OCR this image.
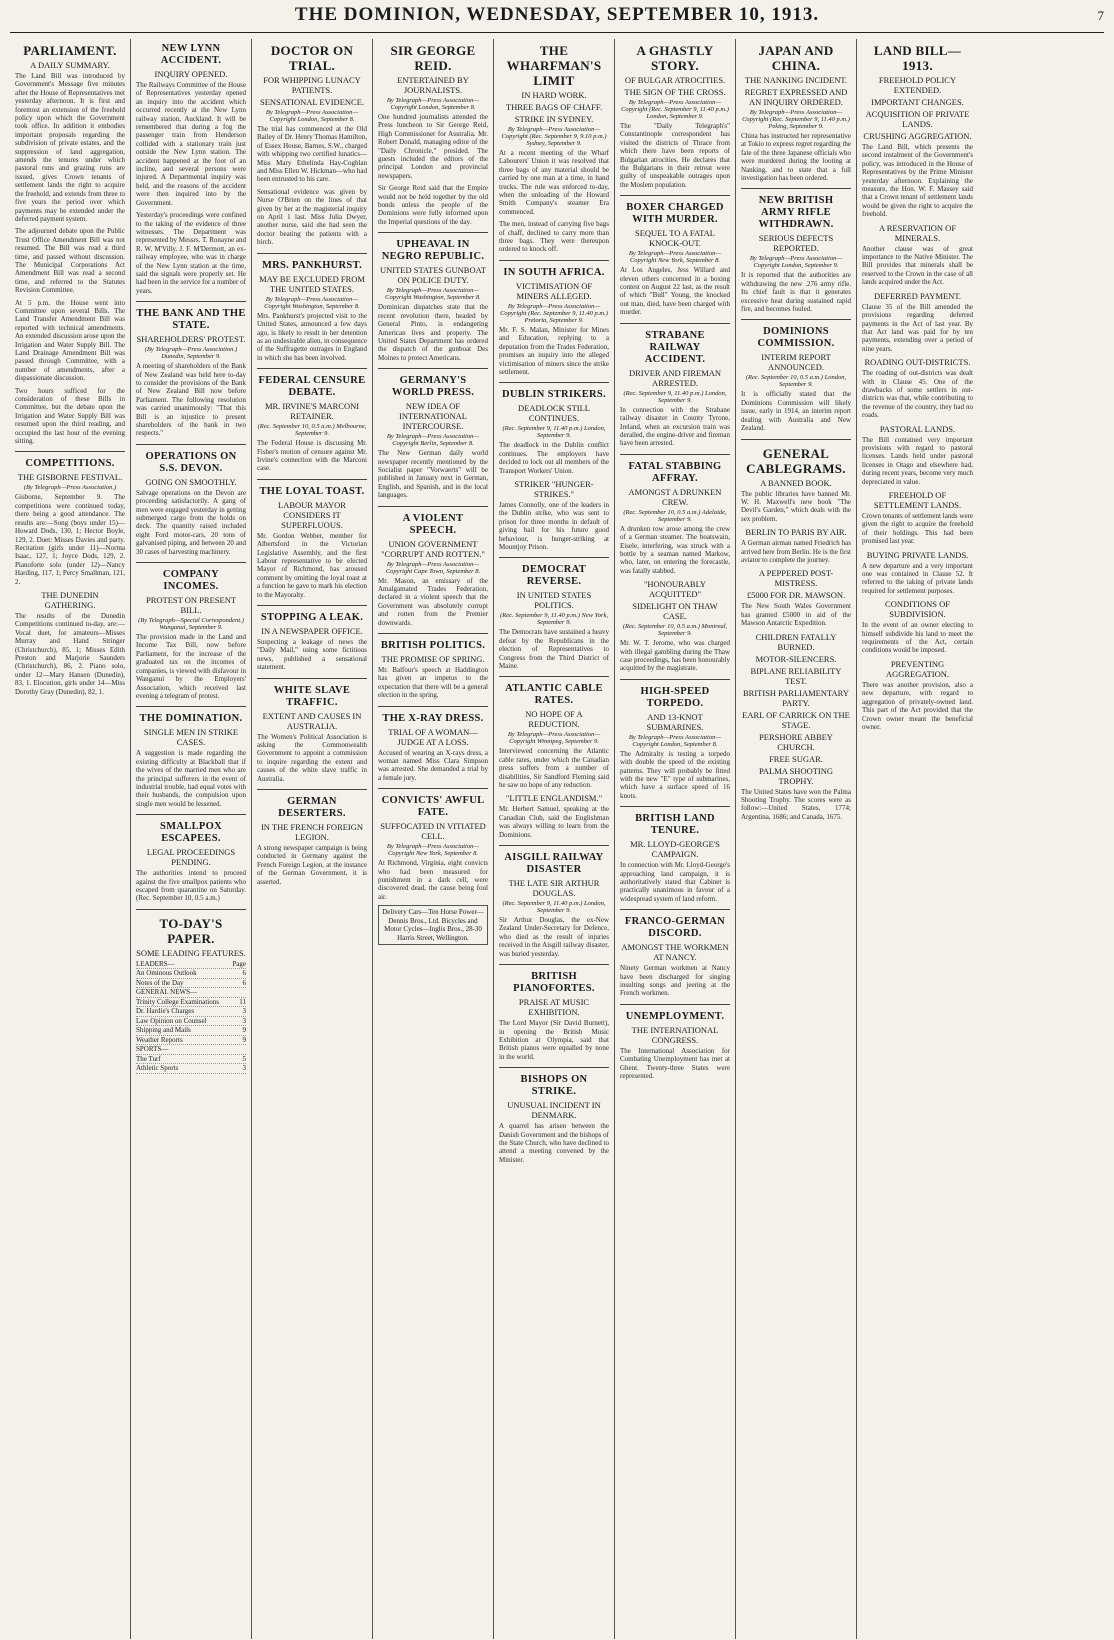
THE DOMINION, WEDNESDAY, SEPTEMBER 10, 1913.	7
PARLIAMENT.
A DAILY SUMMARY.

The Land Bill was introduced by Government's Message five minutes after the House of Representatives met yesterday afternoon. It is first and foremost an extension of the freehold policy upon which the Government took office. In addition it embodies important proposals regarding the subdivision of private estates, and the suppression of land aggregation, amends the tenures under which pastoral runs and grazing runs are issued, gives Crown tenants of settlement lands the right to acquire the freehold, and extends from three to five years the period over which payments may be extended under the deferred payment system.

The adjourned debate upon the Public Trust Office Amendment Bill was not resumed. The Bill was read a third time, and passed without discussion. The Municipal Corporations Act Amendment Bill was read a second time, and referred to the Statutes Revision Committee.

At 5 p.m. the House went into Committee upon several Bills. The Land Transfer Amendment Bill was reported with technical amendments. An extended discussion arose upon the Irrigation and Water Supply Bill. The Land Drainage Amendment Bill was passed through Committee, with a number of amendments, after a dispassionate discussion.

Two hours sufficed for the consideration of these Bills in Committee, but the debate upon the Irrigation and Water Supply Bill was resumed upon the third reading, and occupied the last hour of the evening sitting.

COMPETITIONS.
THE GISBORNE FESTIVAL.
(By Telegraph—Press Association.)

Gisborne, September 9. The competitions were continued today, there being a good attendance. The results are:—Song (boys under 15)—Howard Dods, 130, 1; Hector Boyle, 129, 2. Duet: Misses Davies and party. Recitation (girls under 11)—Norma Isaac, 127, 1; Joyce Dods, 129, 2. Pianoforte solo (under 12)—Nancy Harding, 117, 1; Percy Smallman, 121, 2.

THE DUNEDIN GATHERING.

The results of the Dunedin Competitions continued to-day, are:—Vocal duet, for amateurs—Misses Murray and Hand Stringer (Christchurch), 85, 1; Misses Edith Preston and Marjorie Saunders (Christchurch), 86, 2. Piano solo, under 12—Mary Hansen (Dunedin), 83, 1. Elocution, girls under 14—Miss Dorothy Gray (Dunedin), 82, 1.

NEW LYNN ACCIDENT.
INQUIRY OPENED.

The Railways Committee of the House of Representatives yesterday opened an inquiry into the accident which occurred recently at the New Lynn railway station, Auckland. It will be remembered that during a fog the passenger train from Henderson collided with a stationary train just outside the New Lynn station. The accident happened at the foot of an incline, and several persons were injured. A Departmental inquiry was held, and the reasons of the accident were then inquired into by the Government.

Yesterday's proceedings were confined to the taking of the evidence of three witnesses. The Department was represented by Messrs. T. Ronayne and R. W. M'Villy. J. F. M'Dermott, an ex-railway employee, who was in charge of the New Lynn station at the time, said the signals were properly set. He had been in the service for a number of years.

THE BANK AND THE STATE.
SHAREHOLDERS' PROTEST.
(By Telegraph—Press Association.) Dunedin, September 9.

A meeting of shareholders of the Bank of New Zealand was held here to-day to consider the provisions of the Bank of New Zealand Bill now before Parliament. The following resolution was carried unanimously: "That this Bill is an injustice to present shareholders of the bank in two respects."

OPERATIONS ON S.S. DEVON.
GOING ON SMOOTHLY.

Salvage operations on the Devon are proceeding satisfactorily. A gang of men were engaged yesterday in getting submerged cargo from the holds on deck. The quantity raised included eight Ford motor-cars, 20 tons of galvanised piping, and between 20 and 30 cases of harvesting machinery.

COMPANY INCOMES.
PROTEST ON PRESENT BILL.
(By Telegraph—Special Correspondent.) Wanganui, September 9.

The provision made in the Land and Income Tax Bill, now before Parliament, for the increase of the graduated tax on the incomes of companies, is viewed with disfavour in Wanganui by the Employers' Association, which received last evening a telegram of protest.

THE DOMINATION.
SINGLE MEN IN STRIKE CASES.

A suggestion is made regarding the existing difficulty at Blackball that if the wives of the married men who are the principal sufferers in the event of industrial trouble, had equal votes with their husbands, the compulsion upon single men would be lessened.

SMALLPOX ESCAPEES.
LEGAL PROCEEDINGS PENDING.

The authorities intend to proceed against the five smallpox patients who escaped from quarantine on Saturday. (Rec. September 10, 0.5 a.m.)

TO-DAY'S PAPER.
SOME LEADING FEATURES.
LEADERS—	Page
An Ominous Outlook	6
Notes of the Day	6
GENERAL NEWS—
Trinity College Examinations	11
Dr. Hardie's Charges	3
Law Opinion on Counsel	3
Shipping and Mails	9
Weather Reports	9
SPORTS—
The Turf	5
Athletic Sports	3
DOCTOR ON TRIAL.
FOR WHIPPING LUNACY PATIENTS.
SENSATIONAL EVIDENCE.
By Telegraph—Press Association—Copyright London, September 8.

The trial has commenced at the Old Bailey of Dr. Henry Thomas Hamilton, of Essex House, Barnes, S.W., charged with whipping two certified lunatics—Miss Mary Ethelinda Hay-Coghlan and Miss Ellen W. Hickman—who had been entrusted to his care.

Sensational evidence was given by Nurse O'Brien on the lines of that given by her at the magisterial inquiry on April 1 last. Miss Julia Dwyer, another nurse, said she had seen the doctor beating the patients with a birch.

MRS. PANKHURST.
MAY BE EXCLUDED FROM THE UNITED STATES.
By Telegraph—Press Association—Copyright Washington, September 8.

Mrs. Pankhurst's projected visit to the United States, announced a few days ago, is likely to result in her detention as an undesirable alien, in consequence of the Suffragette outrages in England in which she has been involved.

FEDERAL CENSURE DEBATE.
MR. IRVINE'S MARCONI RETAINER.
(Rec. September 10, 0.5 a.m.) Melbourne, September 9.

The Federal House is discussing Mr. Fisher's motion of censure against Mr. Irvine's connection with the Marconi case.

THE LOYAL TOAST.
LABOUR MAYOR CONSIDERS IT SUPERFLUOUS.

Mr. Gordon Webber, member for Albertsford in the Victorian Legislative Assembly, and the first Labour representative to be elected Mayor of Richmond, has aroused comment by omitting the loyal toast at a function he gave to mark his election to the Mayoralty.

STOPPING A LEAK.
IN A NEWSPAPER OFFICE.

Suspecting a leakage of news the "Daily Mail," using some fictitious news, published a sensational statement.

WHITE SLAVE TRAFFIC.
EXTENT AND CAUSES IN AUSTRALIA.

The Women's Political Association is asking the Commonwealth Government to appoint a commission to inquire regarding the extent and causes of the white slave traffic in Australia.

GERMAN DESERTERS.
IN THE FRENCH FOREIGN LEGION.

A strong newspaper campaign is being conducted in Germany against the French Foreign Legion, at the instance of the German Government, it is asserted.

SIR GEORGE REID.
ENTERTAINED BY JOURNALISTS.
By Telegraph—Press Association—Copyright London, September 8.

One hundred journalists attended the Press luncheon to Sir George Reid, High Commissioner for Australia. Mr. Robert Donald, managing editor of the "Daily Chronicle," presided. The guests included the editors of the principal London and provincial newspapers.

Sir George Reid said that the Empire would not be held together by the old bonds unless the people of the Dominions were fully informed upon the Imperial questions of the day.

UPHEAVAL IN NEGRO REPUBLIC.
UNITED STATES GUNBOAT ON POLICE DUTY.
By Telegraph—Press Association—Copyright Washington, September 8.

Dominican dispatches state that the recent revolution there, headed by General Pinto, is endangering American lives and property. The United States Department has ordered the dispatch of the gunboat Des Moines to protect Americans.

GERMANY'S WORLD PRESS.
NEW IDEA OF INTERNATIONAL INTERCOURSE.
By Telegraph—Press Association—Copyright Berlin, September 8.

The New German daily world newspaper recently mentioned by the Socialist paper "Vorwaerts" will be published in January next in German, English, and Spanish, and in the local languages.

A VIOLENT SPEECH.
UNION GOVERNMENT "CORRUPT AND ROTTEN."
By Telegraph—Press Association—Copyright Cape Town, September 8.

Mr. Mason, an emissary of the Amalgamated Trades Federation, declared in a violent speech that the Government was absolutely corrupt and rotten from the Premier downwards.

BRITISH POLITICS.
THE PROMISE OF SPRING.

Mr. Balfour's speech at Haddington has given an impetus to the expectation that there will be a general election in the spring.

THE X-RAY DRESS.
TRIAL OF A WOMAN—JUDGE AT A LOSS.

Accused of wearing an X-rays dress, a woman named Miss Clara Simpson was arrested. She demanded a trial by a female jury.

CONVICTS' AWFUL FATE.
SUFFOCATED IN VITIATED CELL.
By Telegraph—Press Association—Copyright New York, September 8.

At Richmond, Virginia, eight convicts who had been measured for punishment in a dark cell, were discovered dead, the cause being foul air.

Delivery Cars—Ten Horse Power—Dennis Bros., Ltd. Bicycles and Motor Cycles—Inglis Bros., 28-30 Harris Street, Wellington.
THE WHARFMAN'S LIMIT
IN HARD WORK.
THREE BAGS OF CHAFF.
STRIKE IN SYDNEY.
By Telegraph—Press Association—Copyright (Rec. September 9, 9.10 p.m.) Sydney, September 9.

At a recent meeting of the Wharf Labourers' Union it was resolved that three bags of any material should be carried by one man at a time, in hand trucks. The rule was enforced to-day, when the unloading of the Howard Smith Company's steamer Era commenced.

The men, instead of carrying five bags of chaff, declined to carry more than three bags. They were thereupon ordered to knock off.

IN SOUTH AFRICA.
VICTIMISATION OF MINERS ALLEGED.
By Telegraph—Press Association—Copyright (Rec. September 9, 11.40 p.m.) Pretoria, September 9.

Mr. F. S. Malan, Minister for Mines and Education, replying to a deputation from the Trades Federation, promises an inquiry into the alleged victimisation of miners since the strike settlement.

DUBLIN STRIKERS.
DEADLOCK STILL CONTINUES.
(Rec. September 9, 11.40 p.m.) London, September 9.

The deadlock in the Dublin conflict continues. The employers have decided to lock out all members of the Transport Workers' Union.

STRIKER "HUNGER-STRIKES."

James Connolly, one of the leaders in the Dublin strike, who was sent to prison for three months in default of giving bail for his future good behaviour, is hunger-striking at Mountjoy Prison.

DEMOCRAT REVERSE.
IN UNITED STATES POLITICS.
(Rec. September 9, 11.40 p.m.) New York, September 9.

The Democrats have sustained a heavy defeat by the Republicans in the election of Representatives to Congress from the Third District of Maine.

ATLANTIC CABLE RATES.
NO HOPE OF A REDUCTION.
By Telegraph—Press Association—Copyright Winnipeg, September 9.

Interviewed concerning the Atlantic cable rates, under which the Canadian press suffers from a number of disabilities, Sir Sandford Fleming said he saw no hope of any reduction.

"LITTLE ENGLANDISM."

Mr. Herbert Samuel, speaking at the Canadian Club, said the Englishman was always willing to learn from the Dominions.

AISGILL RAILWAY DISASTER
THE LATE SIR ARTHUR DOUGLAS.
(Rec. September 9, 11.40 p.m.) London, September 9.

Sir Arthur Douglas, the ex-New Zealand Under-Secretary for Defence, who died as the result of injuries received in the Aisgill railway disaster, was buried yesterday.

BRITISH PIANOFORTES.
PRAISE AT MUSIC EXHIBITION.

The Lord Mayor (Sir David Burnett), in opening the British Music Exhibition at Olympia, said that British pianos were equalled by none in the world.

BISHOPS ON STRIKE.
UNUSUAL INCIDENT IN DENMARK.

A quarrel has arisen between the Danish Government and the bishops of the State Church, who have declined to attend a meeting convened by the Minister.

A GHASTLY STORY.
OF BULGAR ATROCITIES.
THE SIGN OF THE CROSS.
By Telegraph—Press Association—Copyright (Rec. September 9, 11.40 p.m.) London, September 9.

The "Daily Telegraph's" Constantinople correspondent has visited the districts of Thrace from which there have been reports of Bulgarian atrocities. He declares that the Bulgarians in their retreat were guilty of unspeakable outrages upon the Moslem population.

BOXER CHARGED WITH MURDER.
SEQUEL TO A FATAL KNOCK-OUT.
By Telegraph—Press Association—Copyright New York, September 8.

At Los Angeles, Jess Willard and eleven others concerned in a boxing contest on August 22 last, as the result of which "Bull" Young, the knocked out man, died, have been charged with murder.

STRABANE RAILWAY ACCIDENT.
DRIVER AND FIREMAN ARRESTED.
(Rec. September 9, 11.40 p.m.) London, September 9.

In connection with the Strabane railway disaster in County Tyrone, Ireland, when an excursion train was derailed, the engine-driver and fireman have been arrested.

FATAL STABBING AFFRAY.
AMONGST A DRUNKEN CREW.
(Rec. September 10, 0.5 a.m.) Adelaide, September 9.

A drunken row arose among the crew of a German steamer. The boatswain, Eisele, interfering, was struck with a bottle by a seaman named Markow, who, later, on entering the forecastle, was fatally stabbed.

"HONOURABLY ACQUITTED"
SIDELIGHT ON THAW CASE.
(Rec. September 10, 0.5 a.m.) Montreal, September 9.

Mr. W. T. Jerome, who was charged with illegal gambling during the Thaw case proceedings, has been honourably acquitted by the magistrate.

HIGH-SPEED TORPEDO.
AND 13-KNOT SUBMARINES.
By Telegraph—Press Association—Copyright London, September 8.

The Admiralty is testing a torpedo with double the speed of the existing patterns. They will probably be fitted with the new "E" type of submarines, which have a surface speed of 16 knots.

BRITISH LAND TENURE.
MR. LLOYD-GEORGE'S CAMPAIGN.

In connection with Mr. Lloyd-George's approaching land campaign, it is authoritatively stated that Cabinet is practically unanimous in favour of a widespread system of land reform.

FRANCO-GERMAN DISCORD.
AMONGST THE WORKMEN AT NANCY.

Ninety German workmen at Nancy have been discharged for singing insulting songs and jeering at the French workmen.

UNEMPLOYMENT.
THE INTERNATIONAL CONGRESS.

The International Association for Combating Unemployment has met at Ghent. Twenty-three States were represented.

JAPAN AND CHINA.
THE NANKING INCIDENT.
REGRET EXPRESSED AND AN INQUIRY ORDERED.
By Telegraph—Press Association—Copyright (Rec. September 9, 11.40 p.m.) Peking, September 9.

China has instructed her representative at Tokio to express regret regarding the fate of the three Japanese officials who were murdered during the looting at Nanking, and to state that a full investigation has been ordered.

NEW BRITISH ARMY RIFLE WITHDRAWN.
SERIOUS DEFECTS REPORTED.
By Telegraph—Press Association—Copyright London, September 9.

It is reported that the authorities are withdrawing the new .276 army rifle. Its chief fault is that it generates excessive heat during sustained rapid fire, and becomes fouled.

DOMINIONS COMMISSION.
INTERIM REPORT ANNOUNCED.
(Rec. September 10, 0.5 a.m.) London, September 9.

It is officially stated that the Dominions Commission will likely issue, early in 1914, an interim report dealing with Australia and New Zealand.

GENERAL CABLEGRAMS.
A BANNED BOOK.

The public libraries have banned Mr. W. H. Maxwell's new book "The Devil's Garden," which deals with the sex problem.

BERLIN TO PARIS BY AIR.

A German airman named Friedrich has arrived here from Berlin. He is the first aviator to complete the journey.

A PEPPERED POST-MISTRESS.
£5000 FOR DR. MAWSON.

The New South Wales Government has granted £5000 in aid of the Mawson Antarctic Expedition.

CHILDREN FATALLY BURNED.
MOTOR-SILENCERS.
BIPLANE RELIABILITY TEST.
BRITISH PARLIAMENTARY PARTY.
EARL OF CARRICK ON THE STAGE.
PERSHORE ABBEY CHURCH.
FREE SUGAR.
PALMA SHOOTING TROPHY.

The United States have won the Palma Shooting Trophy. The scores were as follow:—United States, 1774; Argentina, 1686; and Canada, 1675.

LAND BILL—1913.
FREEHOLD POLICY EXTENDED.
IMPORTANT CHANGES.
ACQUISITION OF PRIVATE LANDS.
CRUSHING AGGREGATION.

The Land Bill, which presents the second instalment of the Government's policy, was introduced in the House of Representatives by the Prime Minister yesterday afternoon. Explaining the measure, the Hon. W. F. Massey said that a Crown tenant of settlement lands would be given the right to acquire the freehold.

A RESERVATION OF MINERALS.

Another clause was of great importance to the Native Minister. The Bill provides that minerals shall be reserved to the Crown in the case of all lands acquired under the Act.

DEFERRED PAYMENT.

Clause 35 of the Bill amended the provisions regarding deferred payments in the Act of last year. By that Act land was paid for by ten payments, extending over a period of nine years.

ROADING OUT-DISTRICTS.

The roading of out-districts was dealt with in Clause 45. One of the drawbacks of some settlers in out-districts was that, while contributing to the revenue of the country, they had no roads.

PASTORAL LANDS.

The Bill contained very important provisions with regard to pastoral licenses. Lands held under pastoral licenses in Otago and elsewhere had, during recent years, become very much depreciated in value.

FREEHOLD OF SETTLEMENT LANDS.

Crown tenants of settlement lands were given the right to acquire the freehold of their holdings. This had been promised last year.

BUYING PRIVATE LANDS.

A new departure and a very important one was contained in Clause 52. It referred to the taking of private lands required for settlement purposes.

CONDITIONS OF SUBDIVISION.

In the event of an owner electing to himself subdivide his land to meet the requirements of the Act, certain conditions would be imposed.

PREVENTING AGGREGATION.

There was another provision, also a new departure, with regard to aggregation of privately-owned land. This part of the Act provided that the Crown owner meant the beneficial owner.
